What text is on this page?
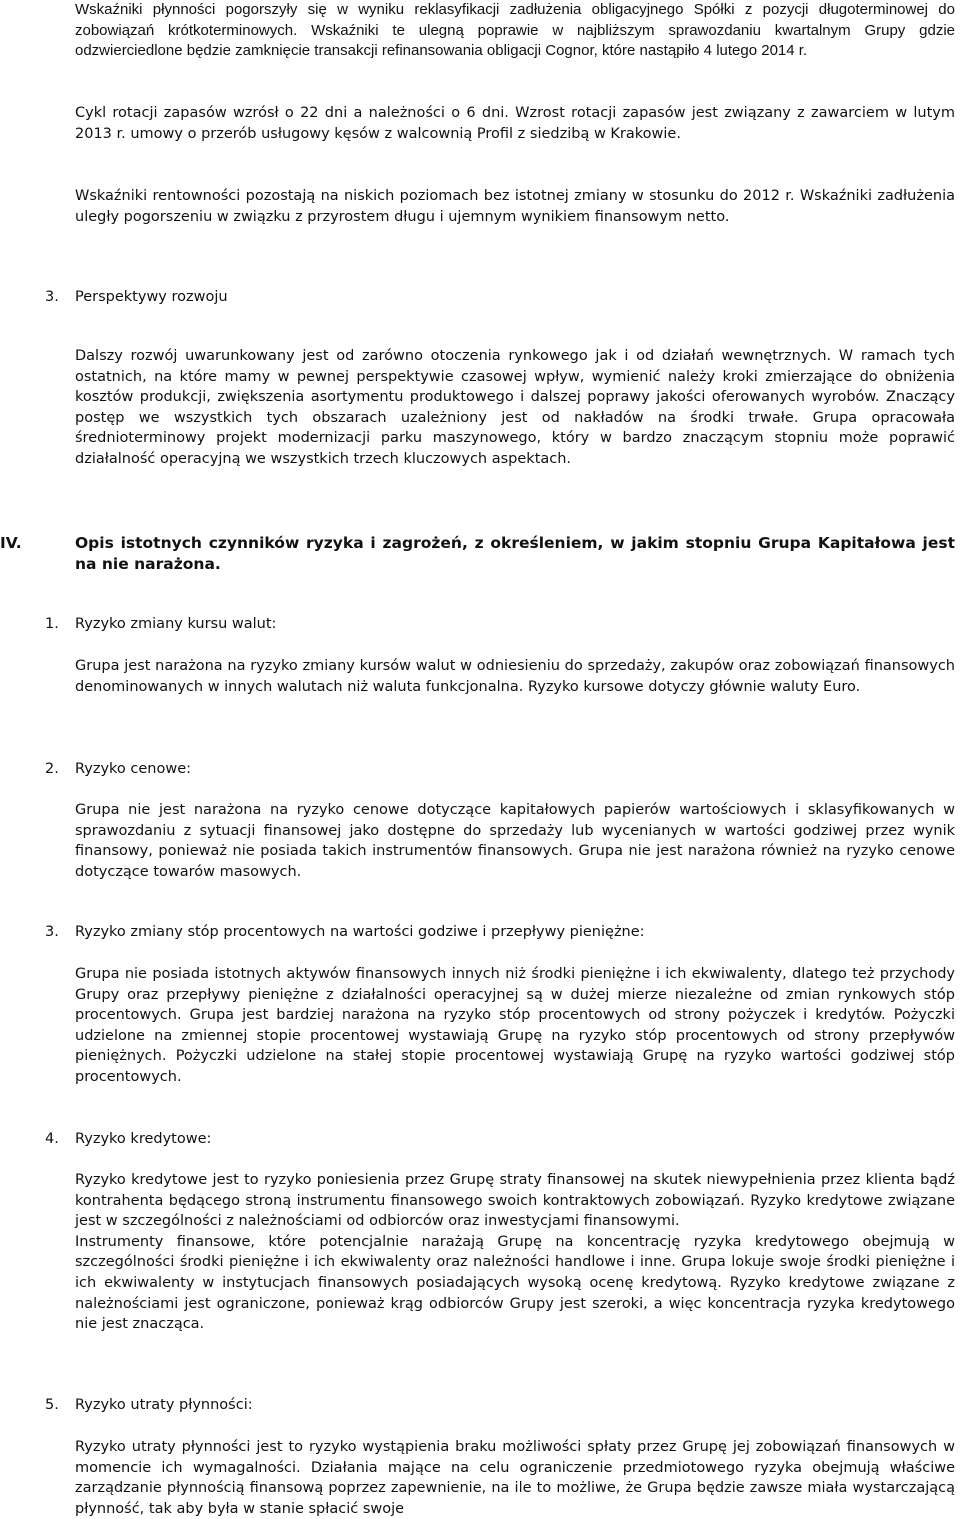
Wskaźniki płynności pogorszyły się w wyniku reklasyfikacji zadłużenia obligacyjnego Spółki z pozycji długoterminowej do zobowiązań krótkoterminowych. Wskaźniki te ulegną poprawie w najbliższym sprawozdaniu kwartalnym Grupy gdzie odzwierciedlone będzie zamknięcie transakcji refinansowania obligacji Cognor, które nastąpiło 4 lutego 2014 r.

Cykl rotacji zapasów wzrósł o 22 dni a należności o 6 dni. Wzrost rotacji zapasów jest związany z zawarciem w lutym 2013 r. umowy o przerób usługowy kęsów z walcownią Profil z siedzibą w Krakowie.

Wskaźniki rentowności pozostają na niskich poziomach bez istotnej zmiany w stosunku do 2012 r. Wskaźniki zadłużenia uległy pogorszeniu w związku z przyrostem długu i ujemnym wynikiem finansowym netto.

3. Perspektywy rozwoju

Dalszy rozwój uwarunkowany jest od zarówno otoczenia rynkowego jak i od działań wewnętrznych. W ramach tych ostatnich, na które mamy w pewnej perspektywie czasowej wpływ, wymienić należy kroki zmierzające do obniżenia kosztów produkcji, zwiększenia asortymentu produktowego i dalszej poprawy jakości oferowanych wyrobów. Znaczący postęp we wszystkich tych obszarach uzależniony jest od nakładów na środki trwałe. Grupa opracowała średnioterminowy projekt modernizacji parku maszynowego, który w bardzo znaczącym stopniu może poprawić działalność operacyjną we wszystkich trzech kluczowych aspektach.

IV.	Opis istotnych czynników ryzyka i zagrożeń, z określeniem, w jakim stopniu Grupa Kapitałowa jest na nie narażona.

1. Ryzyko zmiany kursu walut:

Grupa jest narażona na ryzyko zmiany kursów walut w odniesieniu do sprzedaży, zakupów oraz zobowiązań finansowych denominowanych w innych walutach niż waluta funkcjonalna. Ryzyko kursowe dotyczy głównie waluty Euro.

2. Ryzyko cenowe:

Grupa nie jest narażona na ryzyko cenowe dotyczące kapitałowych papierów wartościowych i sklasyfikowanych w sprawozdaniu z sytuacji finansowej jako dostępne do sprzedaży lub wycenianych w wartości godziwej przez wynik finansowy, ponieważ nie posiada takich instrumentów finansowych. Grupa nie jest narażona również na ryzyko cenowe dotyczące towarów masowych.

3. Ryzyko zmiany stóp procentowych na wartości godziwe i przepływy pieniężne:

Grupa nie posiada istotnych aktywów finansowych innych niż środki pieniężne i ich ekwiwalenty, dlatego też przychody Grupy oraz przepływy pieniężne z działalności operacyjnej są w dużej mierze niezależne od zmian rynkowych stóp procentowych. Grupa jest bardziej narażona na ryzyko stóp procentowych od strony pożyczek i kredytów. Pożyczki udzielone na zmiennej stopie procentowej wystawiają Grupę na ryzyko stóp procentowych od strony przepływów pieniężnych. Pożyczki udzielone na stałej stopie procentowej wystawiają Grupę na ryzyko wartości godziwej stóp procentowych.

4. Ryzyko kredytowe:

Ryzyko kredytowe jest to ryzyko poniesienia przez Grupę straty finansowej na skutek niewypełnienia przez klienta bądź kontrahenta będącego stroną instrumentu finansowego swoich kontraktowych zobowiązań. Ryzyko kredytowe związane jest w szczególności z należnościami od odbiorców oraz inwestycjami finansowymi.

Instrumenty finansowe, które potencjalnie narażają Grupę na koncentrację ryzyka kredytowego obejmują w szczególności środki pieniężne i ich ekwiwalenty oraz należności handlowe i inne. Grupa lokuje swoje środki pieniężne i ich ekwiwalenty w instytucjach finansowych posiadających wysoką ocenę kredytową. Ryzyko kredytowe związane z należnościami jest ograniczone, ponieważ krąg odbiorców Grupy jest szeroki, a więc koncentracja ryzyka kredytowego nie jest znacząca.

5. Ryzyko utraty płynności:

Ryzyko utraty płynności jest to ryzyko wystąpienia braku możliwości spłaty przez Grupę jej zobowiązań finansowych w momencie ich wymagalności. Działania mające na celu ograniczenie przedmiotowego ryzyka obejmują właściwe zarządzanie płynnością finansową poprzez zapewnienie, na ile to możliwe, że Grupa będzie zawsze miała wystarczającą płynność, tak aby była w stanie spłacić swoje
